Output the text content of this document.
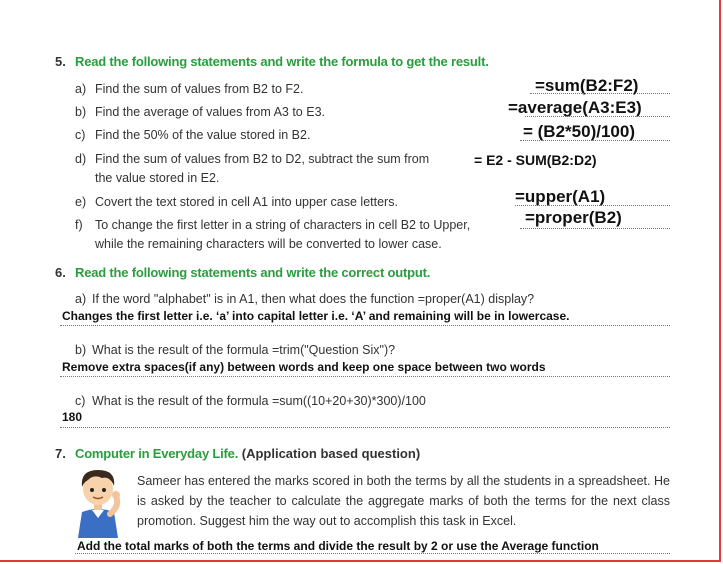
5. Read the following statements and write the formula to get the result.
a) Find the sum of values from B2 to F2.	=sum(B2:F2)
b) Find the average of values from A3 to E3.	=average(A3:E3)
c) Find the 50% of the value stored in B2.	= (B2*50)/100)
d) Find the sum of values from B2 to D2, subtract the sum from
the value stored in E2.
= E2 - SUM(B2:D2)
e) Covert the text stored in cell A1 into upper case letters.	=upper(A1)
f) To change the first letter in a string of characters in cell B2 to Upper,
while the remaining characters will be converted to lower case.
=proper(B2)
6. Read the following statements and write the correct output.
a) If the word "alphabet" is in A1, then what does the function =proper(A1) display?
Changes the first letter i.e. ‘a’ into capital letter i.e. ‘A’ and remaining will be in lowercase.
b) What is the result of the formula =trim("Question Six")?
Remove extra spaces(if any) between words and keep one space between two words
c) What is the result of the formula =sum((10+20+30)*300)/100
180
7. Computer in Everyday Life. (Application based question)
Sameer has entered the marks scored in both the terms by all the students in a spreadsheet. He is asked by the teacher to calculate the aggregate marks of both the terms for the next class promotion. Suggest him the way out to accomplish this task in Excel.
Add the total marks of both the terms and divide the result by 2 or use the Average function
